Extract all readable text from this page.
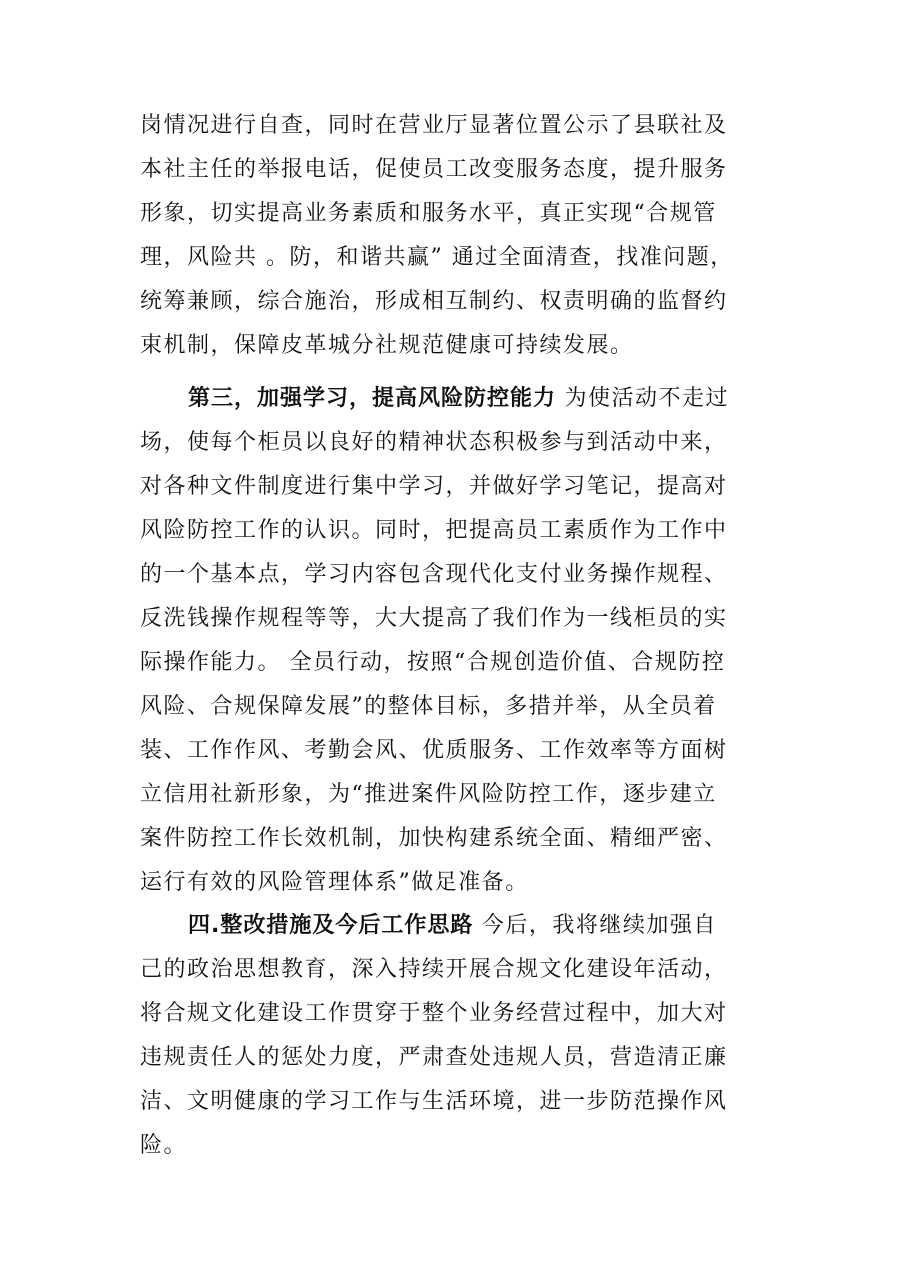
岗情况进行自查，同时在营业厅显著位置公示了县联社及
本社主任的举报电话，促使员工改变服务态度，提升服务
形象，切实提高业务素质和服务水平，真正实现“合规管
理，风险共 。防，和谐共赢” 通过全面清查，找准问题，
统筹兼顾，综合施治，形成相互制约、权责明确的监督约
束机制，保障皮革城分社规范健康可持续发展。
第三，加强学习，提高风险防控能力 为使活动不走过
场，使每个柜员以良好的精神状态积极参与到活动中来，
对各种文件制度进行集中学习，并做好学习笔记，提高对
风险防控工作的认识。同时，把提高员工素质作为工作中
的一个基本点，学习内容包含现代化支付业务操作规程、
反洗钱操作规程等等，大大提高了我们作为一线柜员的实
际操作能力。 全员行动，按照“合规创造价值、合规防控
风险、合规保障发展”的整体目标，多措并举，从全员着
装、工作作风、考勤会风、优质服务、工作效率等方面树
立信用社新形象，为“推进案件风险防控工作，逐步建立
案件防控工作长效机制，加快构建系统全面、精细严密、
运行有效的风险管理体系”做足准备。
四.整改措施及今后工作思路 今后，我将继续加强自
己的政治思想教育，深入持续开展合规文化建设年活动，
将合规文化建设工作贯穿于整个业务经营过程中，加大对
违规责任人的惩处力度，严肃查处违规人员，营造清正廉
洁、文明健康的学习工作与生活环境，进一步防范操作风
险。
